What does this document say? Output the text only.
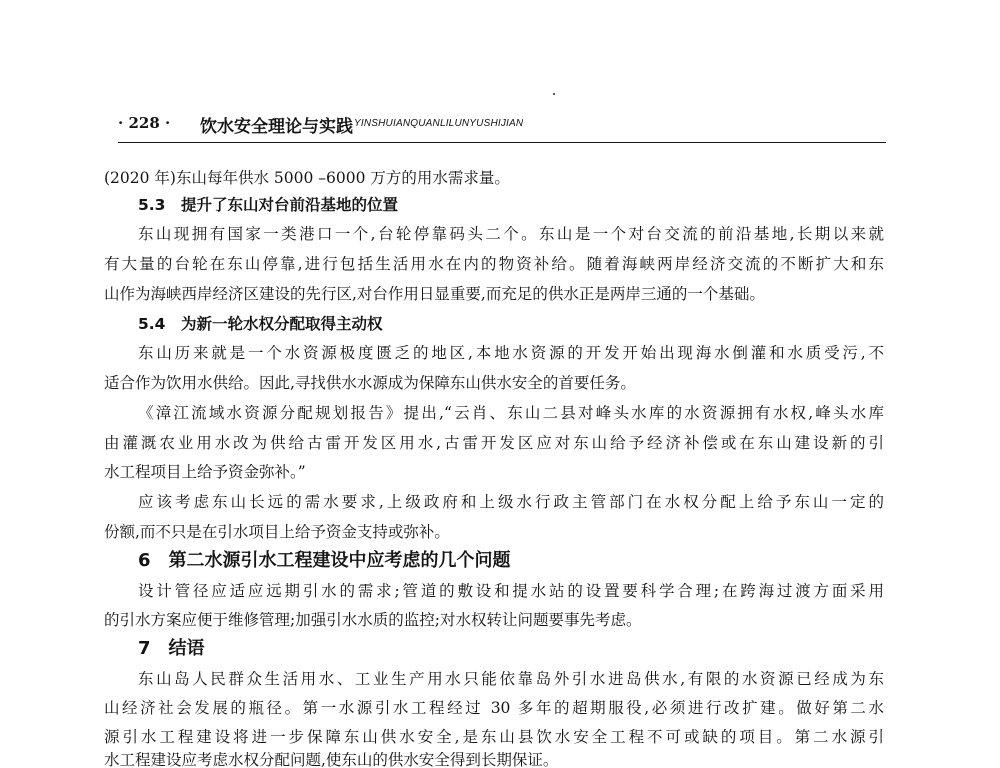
· 228 · 饮水安全理论与实践 YINSHUIANQUANLILUNYUSHIJIAN
(2020 年)东山每年供水 5000 –6000 万方的用水需求量。
5.3　提升了东山对台前沿基地的位置
东山现拥有国家一类港口一个,台轮停靠码头二个。东山是一个对台交流的前沿基地,长期以来就
有大量的台轮在东山停靠,进行包括生活用水在内的物资补给。随着海峡两岸经济交流的不断扩大和东
山作为海峡西岸经济区建设的先行区,对台作用日显重要,而充足的供水正是两岸三通的一个基础。
5.4　为新一轮水权分配取得主动权
东山历来就是一个水资源极度匮乏的地区,本地水资源的开发开始出现海水倒灌和水质受污,不
适合作为饮用水供给。因此,寻找供水水源成为保障东山供水安全的首要任务。
《漳江流域水资源分配规划报告》提出,“云肖、东山二县对峰头水库的水资源拥有水权,峰头水库
由灌溉农业用水改为供给古雷开发区用水,古雷开发区应对东山给予经济补偿或在东山建设新的引
水工程项目上给予资金弥补。”
应该考虑东山长远的需水要求,上级政府和上级水行政主管部门在水权分配上给予东山一定的
份额,而不只是在引水项目上给予资金支持或弥补。
6　第二水源引水工程建设中应考虑的几个问题
设计管径应适应远期引水的需求;管道的敷设和提水站的设置要科学合理;在跨海过渡方面采用
的引水方案应便于维修管理;加强引水水质的监控;对水权转让问题要事先考虑。
7　结语
东山岛人民群众生活用水、工业生产用水只能依靠岛外引水进岛供水,有限的水资源已经成为东
山经济社会发展的瓶径。第一水源引水工程经过 30 多年的超期服役,必须进行改扩建。做好第二水
源引水工程建设将进一步保障东山供水安全,是东山县饮水安全工程不可或缺的项目。第二水源引
水工程建设应考虑水权分配问题,使东山的供水安全得到长期保证。
